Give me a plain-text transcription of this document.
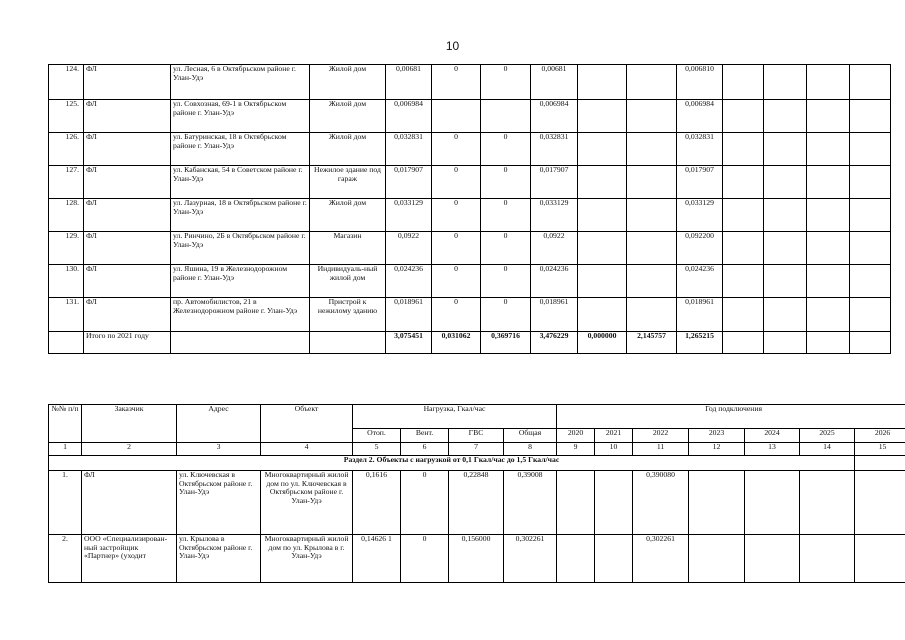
10
124.	ФЛ	ул. Лесная, 6 в Октябрьском районе г. Улан-Удэ	Жилой дом	0,00681	0	0	0,00681			0,006810				
125.	ФЛ	ул. Совхозная, 69-1 в Октябрьском районе г. Улан-Удэ	Жилой дом	0,006984			0,006984			0,006984				
126.	ФЛ	ул. Батуринская, 18 в Октябрьском районе г. Улан-Удэ	Жилой дом	0,032831	0	0	0,032831			0,032831				
127.	ФЛ	ул. Кабанская, 54 в Советском районе г. Улан-Удэ	Нежилое здание под гараж	0,017907	0	0	0,017907			0,017907				
128.	ФЛ	ул. Лазурная, 18 в Октябрьском районе г. Улан-Удэ	Жилой дом	0,033129	0	0	0,033129			0,033129				
129.	ФЛ	ул. Ринчино, 2Б в Октябрьском районе г. Улан-Удэ	Магазин	0,0922	0	0	0,0922			0,092200				
130.	ФЛ	ул. Яшина, 19 в Железнодорожном районе г. Улан-Удэ	Индивидуаль-ный жилой дом	0,024236	0	0	0,024236			0,024236				
131.	ФЛ	пр. Автомобилистов, 21 в Железнодорожном районе г. Улан-Удэ	Пристрой к нежилому зданию	0,018961	0	0	0,018961			0,018961				
	Итого по 2021 году			3,075451	0,031062	0,369716	3,476229	0,000000	2,145757	1,265215				
№№ п/п	Заказчик	Адрес	Объект	Нагрузка, Гкал/час				Год подключения						
				Отоп.	Вент.	ГВС	Общая	2020	2021	2022	2023	2024	2025	2026
1	2	3	4	5	6	7	8	9	10	11	12	13	14	15
Раздел 2. Объекты с нагрузкой от 0,1 Гкал/час до 1,5 Гкал/час														
1.	ФЛ	ул. Ключевская в Октябрьском районе г. Улан-Удэ	Многоквартирный жилой дом по ул. Ключевская в Октябрьском районе г. Улан-Удэ	0,1616	0	0,22848	0,39008			0,390080				
2.	ООО «Специализирован-ный застройщик «Партнер» (уходит	ул. Крылова в Октябрьском районе г. Улан-Удэ	Многоквартирный жилой дом по ул. Крылова в г. Улан-Удэ	0,14626 1	0	0,156000	0,302261			0,302261				
